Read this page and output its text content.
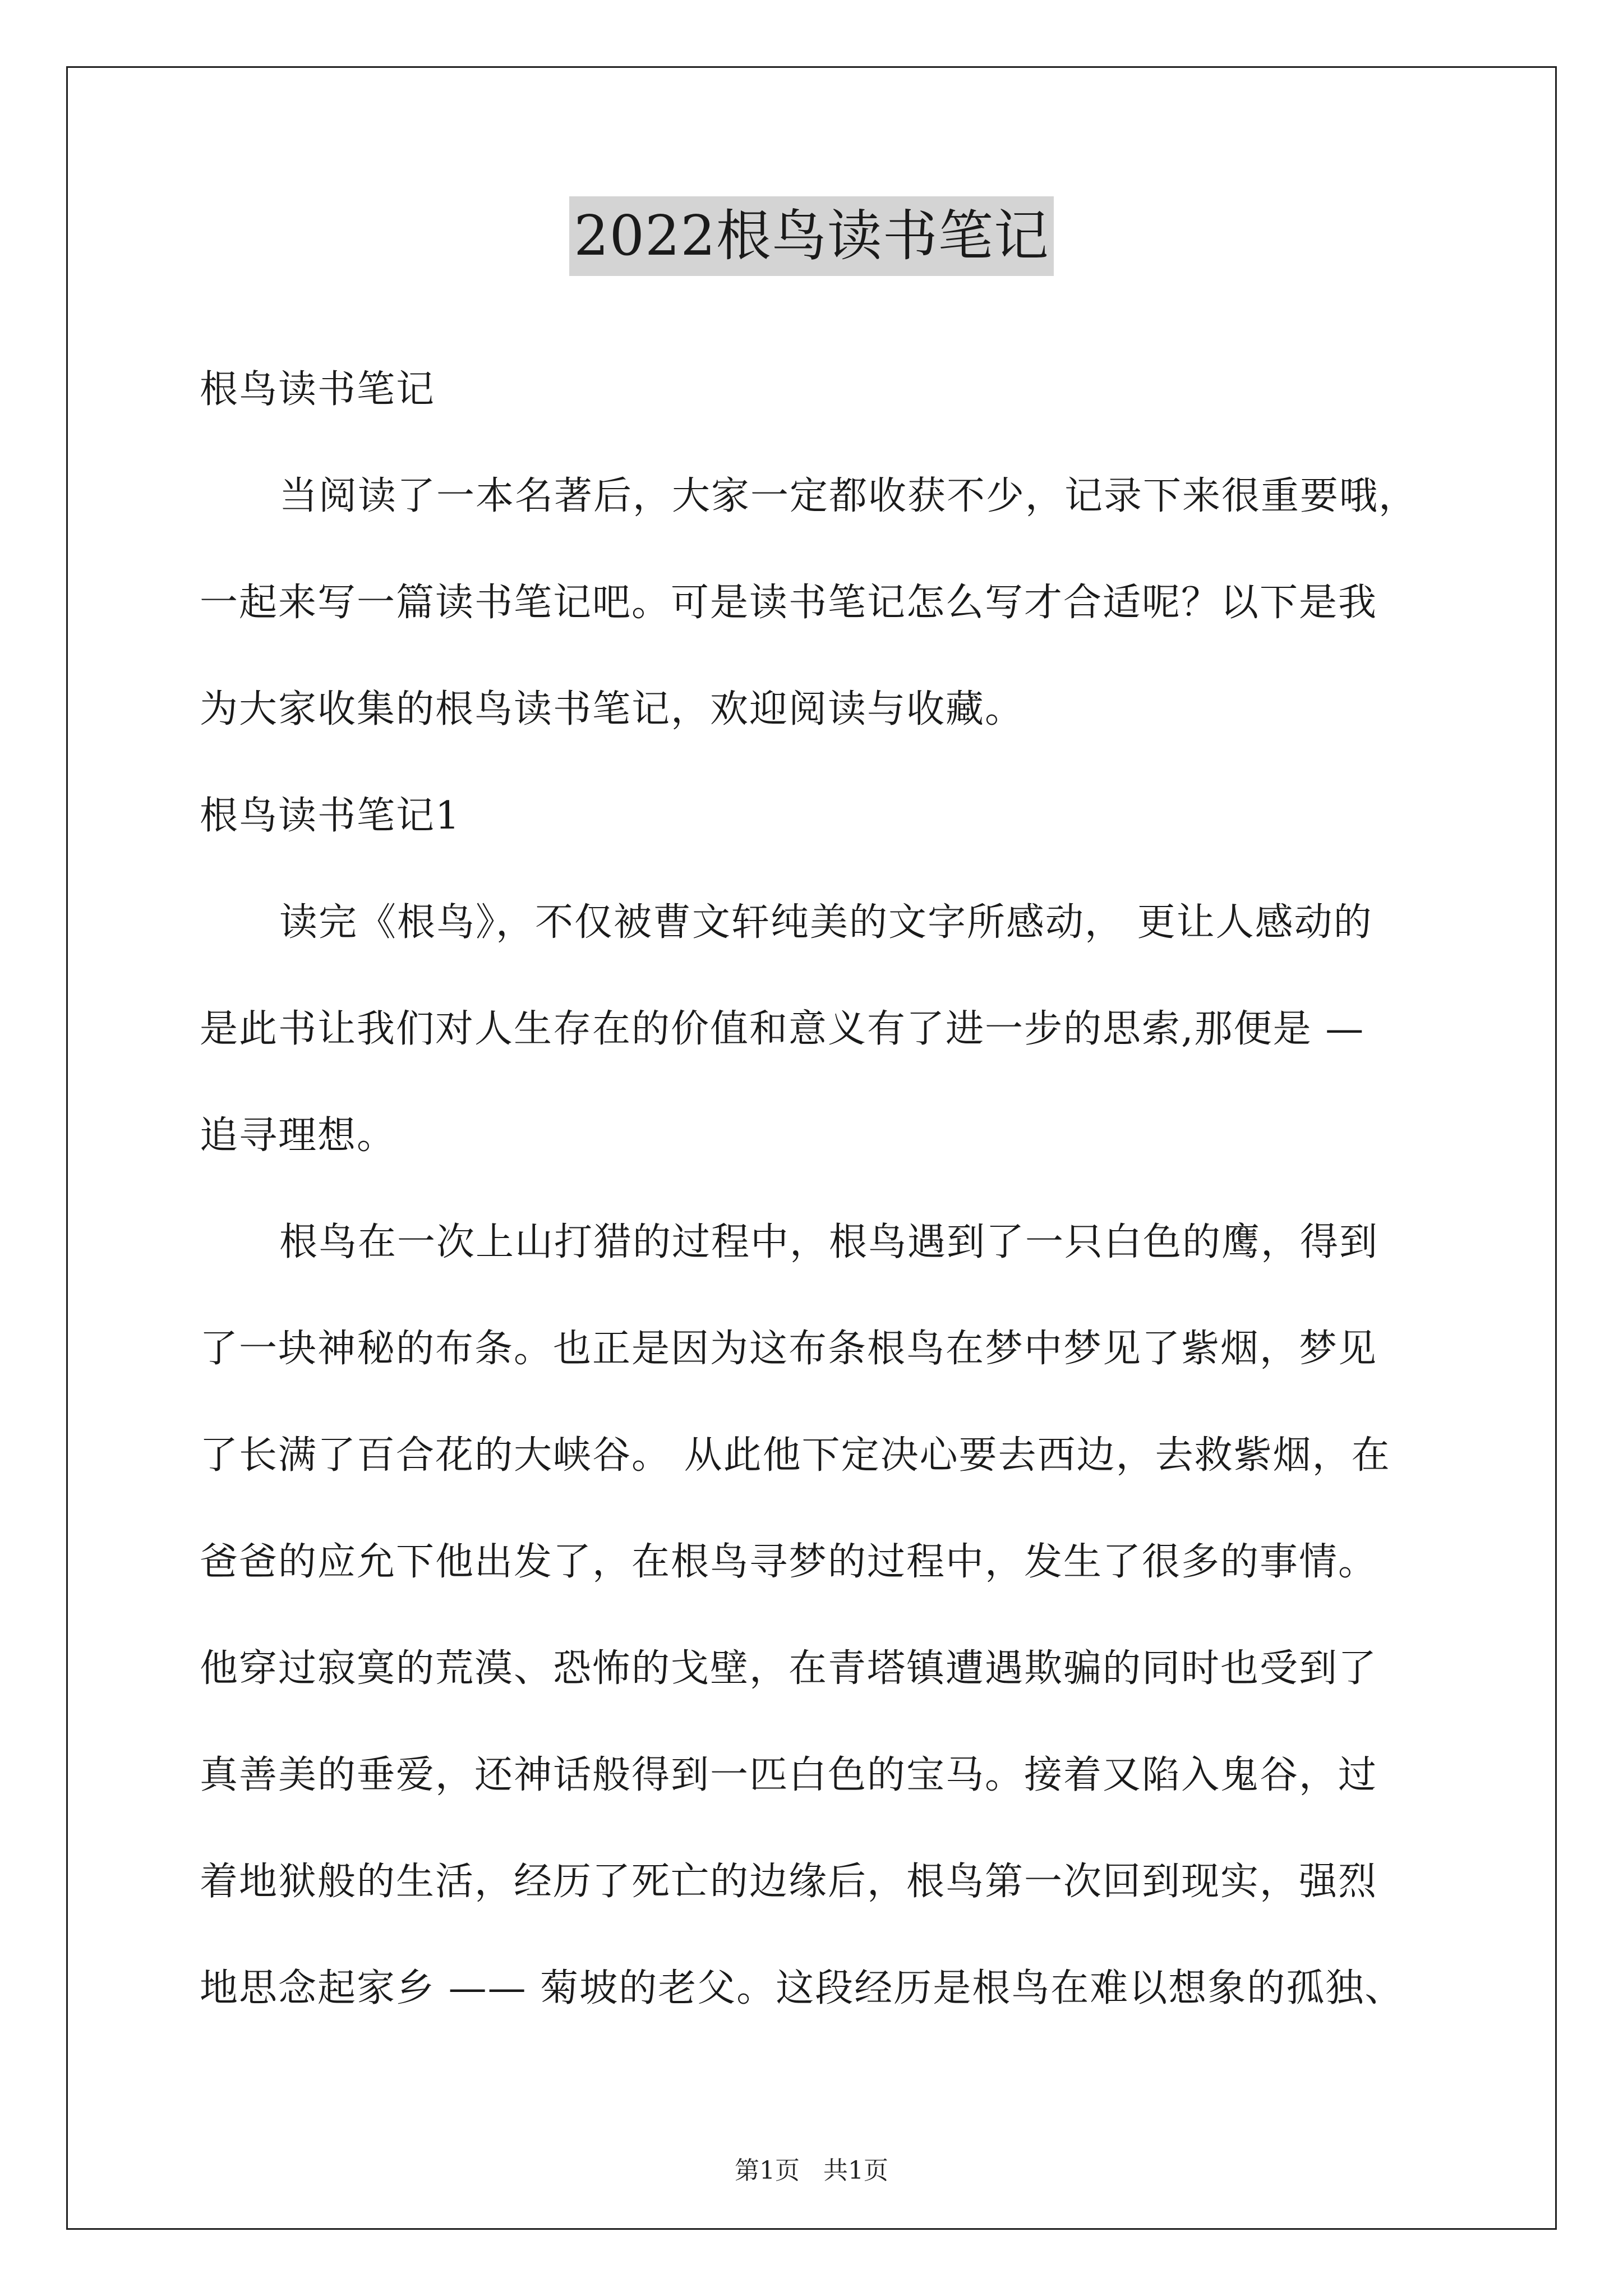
2022根鸟读书笔记
根鸟读书笔记
当阅读了一本名著后，大家一定都收获不少，记录下来很重要哦，
一起来写一篇读书笔记吧。可是读书笔记怎么写才合适呢？以下是我
为大家收集的根鸟读书笔记，欢迎阅读与收藏。
根鸟读书笔记1
读完《根鸟》，不仅被曹文轩纯美的文字所感动， 更让人感动的
是此书让我们对人生存在的价值和意义有了进一步的思索,那便是 —
追寻理想。
根鸟在一次上山打猎的过程中，根鸟遇到了一只白色的鹰，得到
了一块神秘的布条。也正是因为这布条根鸟在梦中梦见了紫烟，梦见
了长满了百合花的大峡谷。 从此他下定决心要去西边，去救紫烟，在
爸爸的应允下他出发了，在根鸟寻梦的过程中，发生了很多的事情。
他穿过寂寞的荒漠、恐怖的戈壁，在青塔镇遭遇欺骗的同时也受到了
真善美的垂爱，还神话般得到一匹白色的宝马。接着又陷入鬼谷，过
着地狱般的生活，经历了死亡的边缘后，根鸟第一次回到现实，强烈
地思念起家乡 —— 菊坡的老父。这段经历是根鸟在难以想象的孤独、
第1页 共1页
